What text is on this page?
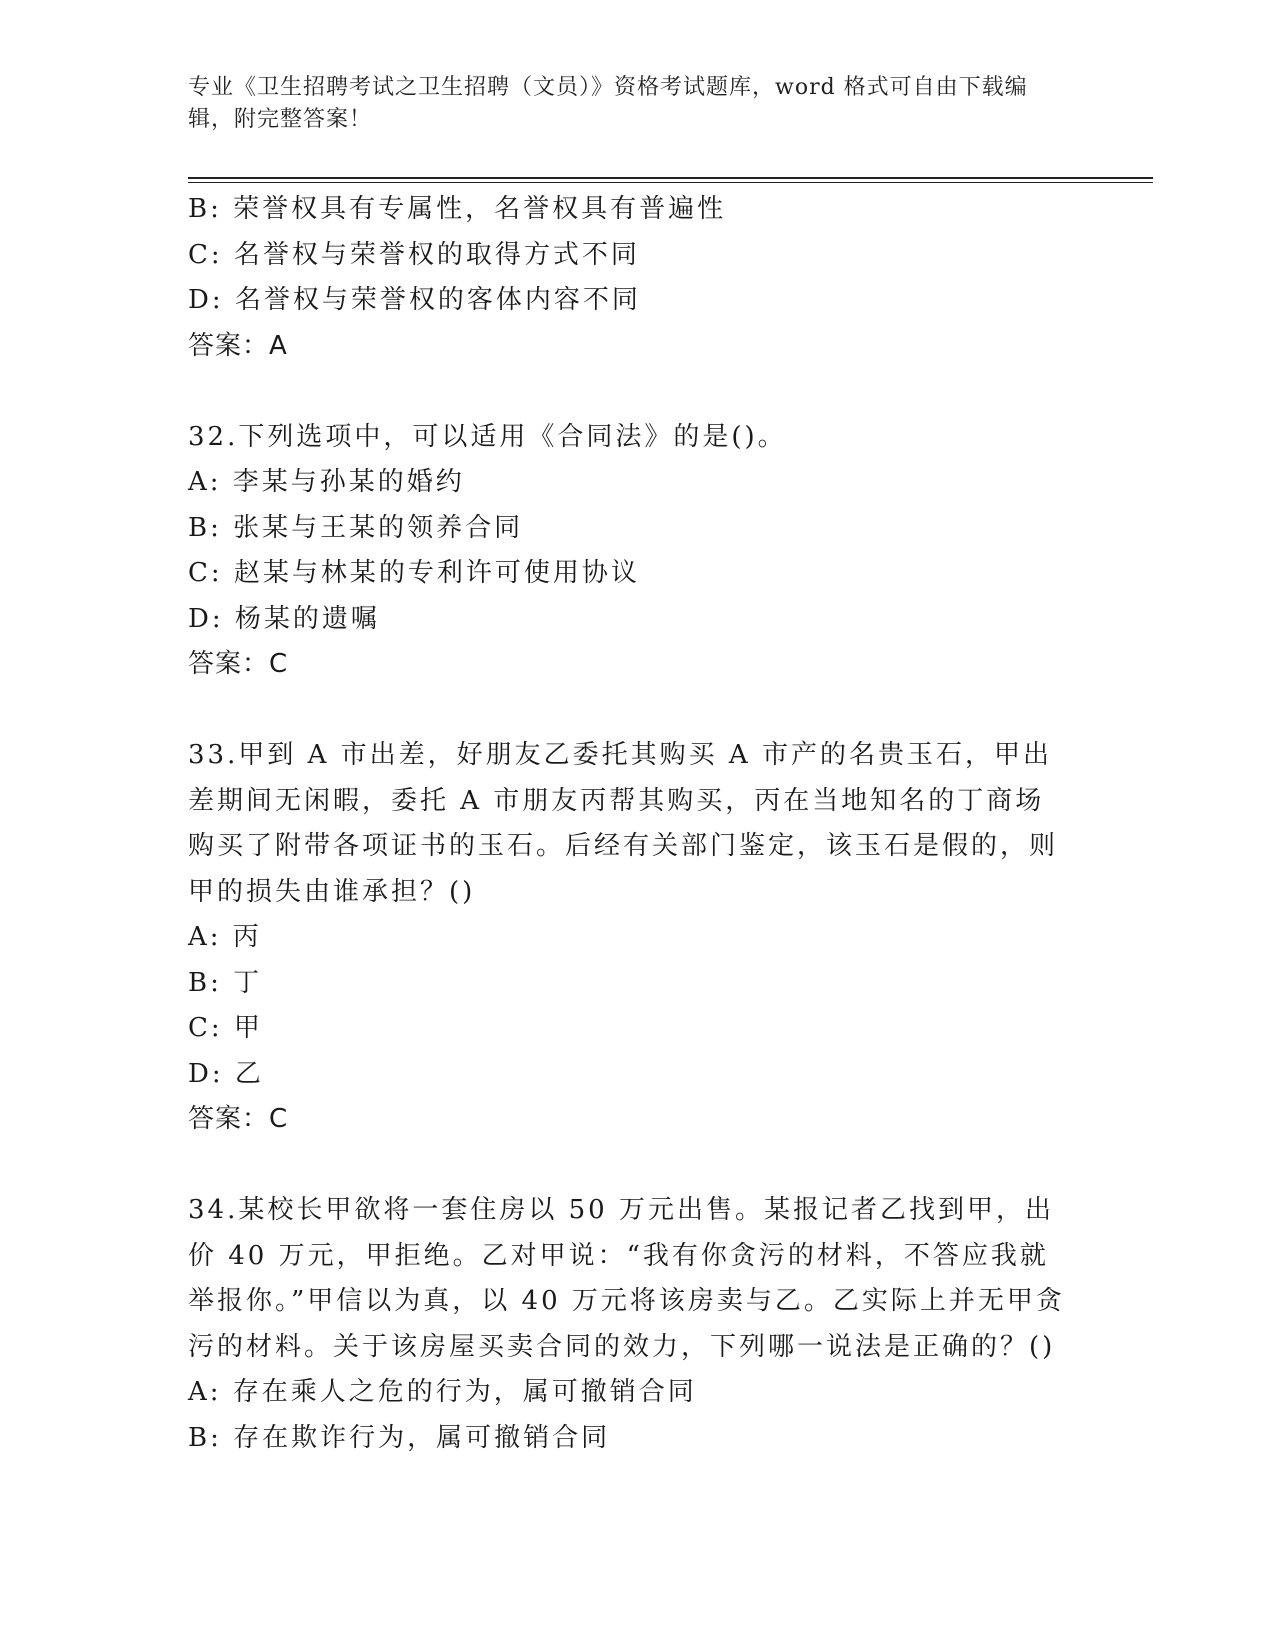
专业《卫生招聘考试之卫生招聘（文员）》资格考试题库，word 格式可自由下载编辑，附完整答案！
B: 荣誉权具有专属性，名誉权具有普遍性
C: 名誉权与荣誉权的取得方式不同
D: 名誉权与荣誉权的客体内容不同
答案：A
32.下列选项中，可以适用《合同法》的是()。
A: 李某与孙某的婚约
B: 张某与王某的领养合同
C: 赵某与林某的专利许可使用协议
D: 杨某的遗嘱
答案：C
33.甲到 A 市出差，好朋友乙委托其购买 A 市产的名贵玉石，甲出差期间无闲暇，委托 A 市朋友丙帮其购买，丙在当地知名的丁商场购买了附带各项证书的玉石。后经有关部门鉴定，该玉石是假的，则甲的损失由谁承担？()
A: 丙
B: 丁
C: 甲
D: 乙
答案：C
34.某校长甲欲将一套住房以 50 万元出售。某报记者乙找到甲，出价 40 万元，甲拒绝。乙对甲说：“我有你贪污的材料，不答应我就举报你。”甲信以为真，以 40 万元将该房卖与乙。乙实际上并无甲贪污的材料。关于该房屋买卖合同的效力，下列哪一说法是正确的？()
A: 存在乘人之危的行为，属可撤销合同
B: 存在欺诈行为，属可撤销合同
